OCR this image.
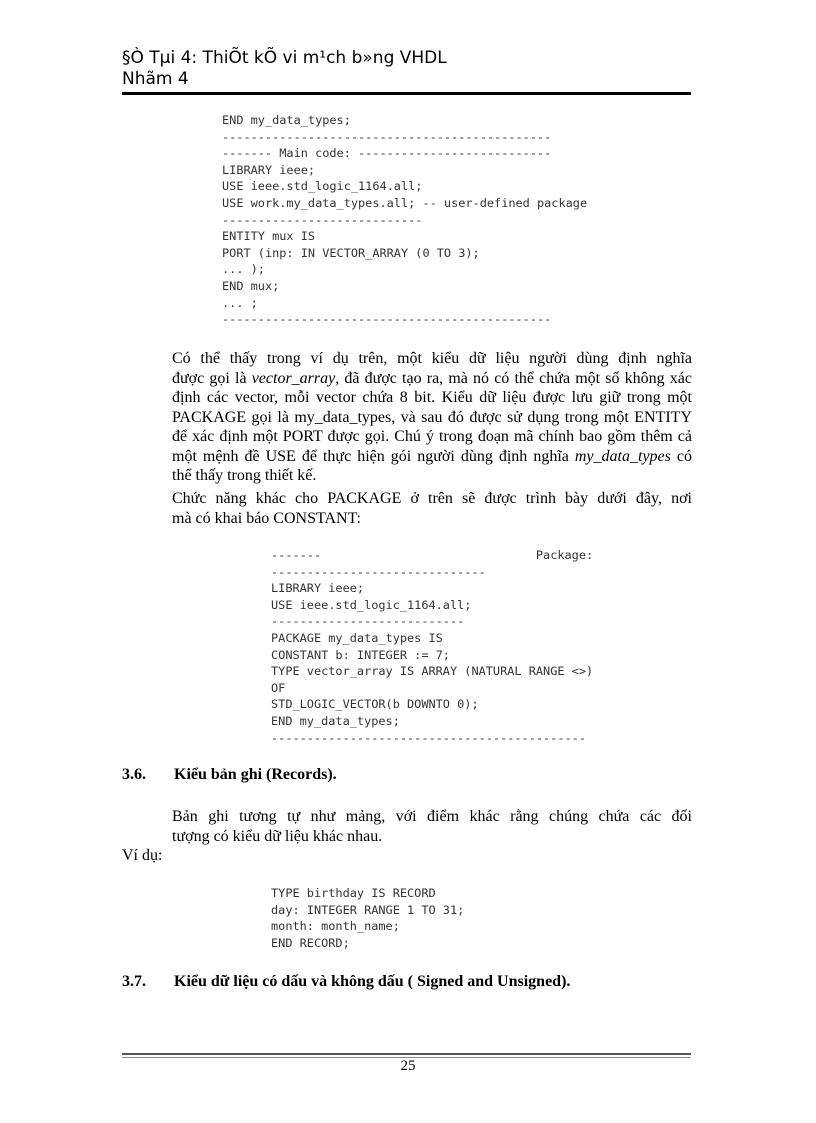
§Ò Tµi 4: ThiÕt kÕ vi m¹ch b»ng VHDL
Nhãm 4
END my_data_types;
----------------------------------------------
------- Main code: ---------------------------
LIBRARY ieee;
USE ieee.std_logic_1164.all;
USE work.my_data_types.all; -- user-defined package
----------------------------
ENTITY mux IS
PORT (inp: IN VECTOR_ARRAY (0 TO 3);
... );
END mux;
... ;
----------------------------------------------
Có thể thấy trong ví dụ trên, một kiểu dữ liệu người dùng định nghĩa
được gọi là vector_array, đã được tạo ra, mà nó có thể chứa một số không xác
định các vector, mỗi vector chứa 8 bit. Kiểu dữ liệu được lưu giữ trong một
PACKAGE gọi là my_data_types, và sau đó được sử dụng trong một ENTITY
để xác định một PORT được gọi. Chú ý trong đoạn mã chính bao gồm thêm cả
một mệnh đề USE để thực hiện gói người dùng định nghĩa my_data_types có
thể thấy trong thiết kế.
Chức năng khác cho PACKAGE ở trên sẽ được trình bày dưới đây, nơi
mà có khai báo CONSTANT:
-------                              Package:
------------------------------
LIBRARY ieee;
USE ieee.std_logic_1164.all;
---------------------------
PACKAGE my_data_types IS
CONSTANT b: INTEGER := 7;
TYPE vector_array IS ARRAY (NATURAL RANGE <>)
OF
STD_LOGIC_VECTOR(b DOWNTO 0);
END my_data_types;
--------------------------------------------
3.6. Kiểu bản ghi (Records).
Bản ghi tương tự như mảng, với điểm khác rằng chúng chứa các đối
tượng có kiểu dữ liệu khác nhau.
Ví dụ:
TYPE birthday IS RECORD
day: INTEGER RANGE 1 TO 31;
month: month_name;
END RECORD;
3.7. Kiểu dữ liệu có dấu và không dấu ( Signed and Unsigned).
25
